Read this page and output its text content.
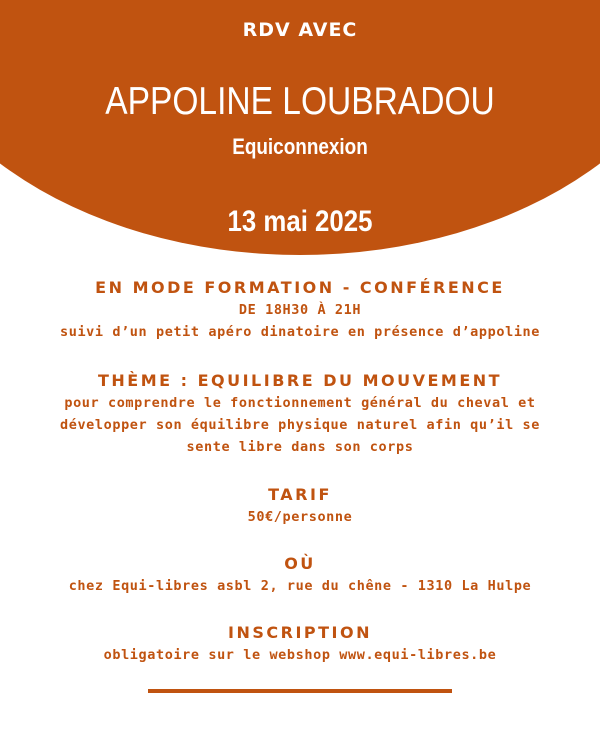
RDV AVEC
APPOLINE LOUBRADOU
Equiconnexion
13 mai 2025
EN MODE FORMATION - CONFÉRENCE
DE 18H30 À 21H
suivi d’un petit apéro dinatoire en présence d’appoline
THÈME : EQUILIBRE DU MOUVEMENT
pour comprendre le fonctionnement général du cheval et
développer son équilibre physique naturel afin qu’il se
sente libre dans son corps
TARIF
50€/personne
OÙ
chez Equi-libres asbl 2, rue du chêne - 1310 La Hulpe
INSCRIPTION
obligatoire sur le webshop www.equi-libres.be
